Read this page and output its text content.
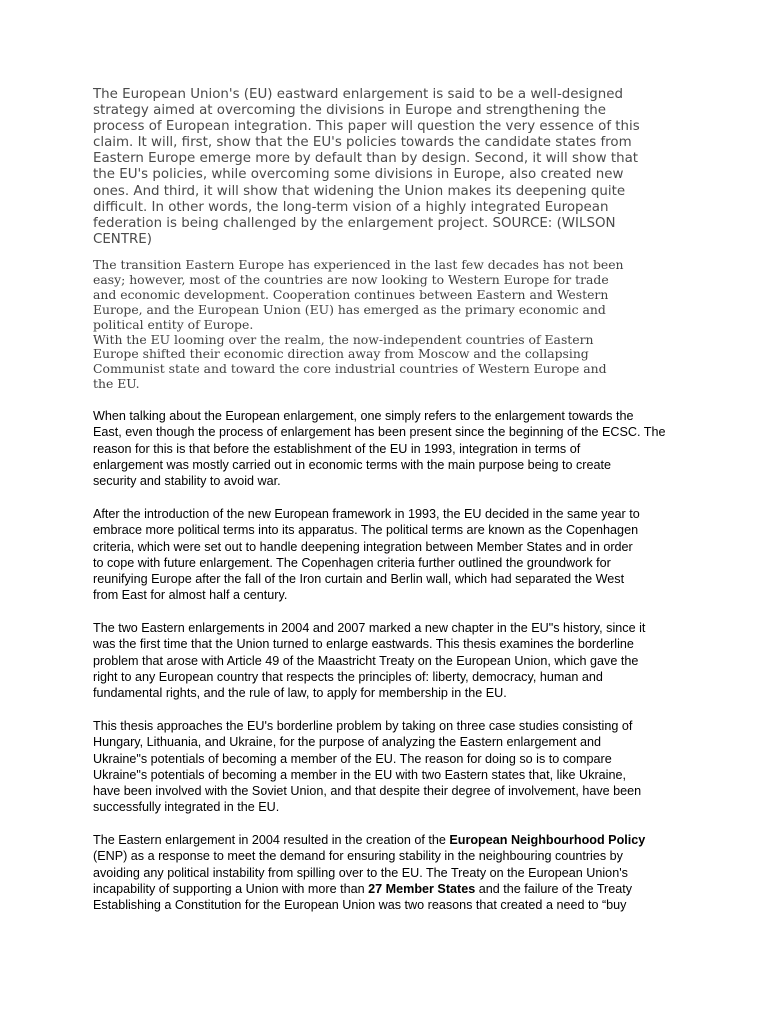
The European Union's (EU) eastward enlargement is said to be a well-designed
strategy aimed at overcoming the divisions in Europe and strengthening the
process of European integration. This paper will question the very essence of this
claim. It will, first, show that the EU's policies towards the candidate states from
Eastern Europe emerge more by default than by design. Second, it will show that
the EU's policies, while overcoming some divisions in Europe, also created new
ones. And third, it will show that widening the Union makes its deepening quite
difficult. In other words, the long-term vision of a highly integrated European
federation is being challenged by the enlargement project. SOURCE: (WILSON
CENTRE)

The transition Eastern Europe has experienced in the last few decades has not been
easy; however, most of the countries are now looking to Western Europe for trade
and economic development. Cooperation continues between Eastern and Western
Europe, and the European Union (EU) has emerged as the primary economic and
political entity of Europe.
With the EU looming over the realm, the now-independent countries of Eastern
Europe shifted their economic direction away from Moscow and the collapsing
Communist state and toward the core industrial countries of Western Europe and
the EU.

When talking about the European enlargement, one simply refers to the enlargement towards the
East, even though the process of enlargement has been present since the beginning of the ECSC. The
reason for this is that before the establishment of the EU in 1993, integration in terms of
enlargement was mostly carried out in economic terms with the main purpose being to create
security and stability to avoid war.

After the introduction of the new European framework in 1993, the EU decided in the same year to
embrace more political terms into its apparatus. The political terms are known as the Copenhagen
criteria, which were set out to handle deepening integration between Member States and in order
to cope with future enlargement. The Copenhagen criteria further outlined the groundwork for
reunifying Europe after the fall of the Iron curtain and Berlin wall, which had separated the West
from East for almost half a century.

The two Eastern enlargements in 2004 and 2007 marked a new chapter in the EU"s history, since it
was the first time that the Union turned to enlarge eastwards. This thesis examines the borderline
problem that arose with Article 49 of the Maastricht Treaty on the European Union, which gave the
right to any European country that respects the principles of: liberty, democracy, human and
fundamental rights, and the rule of law, to apply for membership in the EU.

This thesis approaches the EU's borderline problem by taking on three case studies consisting of
Hungary, Lithuania, and Ukraine, for the purpose of analyzing the Eastern enlargement and
Ukraine"s potentials of becoming a member of the EU. The reason for doing so is to compare
Ukraine"s potentials of becoming a member in the EU with two Eastern states that, like Ukraine,
have been involved with the Soviet Union, and that despite their degree of involvement, have been
successfully integrated in the EU.

The Eastern enlargement in 2004 resulted in the creation of the European Neighbourhood Policy
(ENP) as a response to meet the demand for ensuring stability in the neighbouring countries by
avoiding any political instability from spilling over to the EU. The Treaty on the European Union's
incapability of supporting a Union with more than 27 Member States and the failure of the Treaty
Establishing a Constitution for the European Union was two reasons that created a need to “buy
